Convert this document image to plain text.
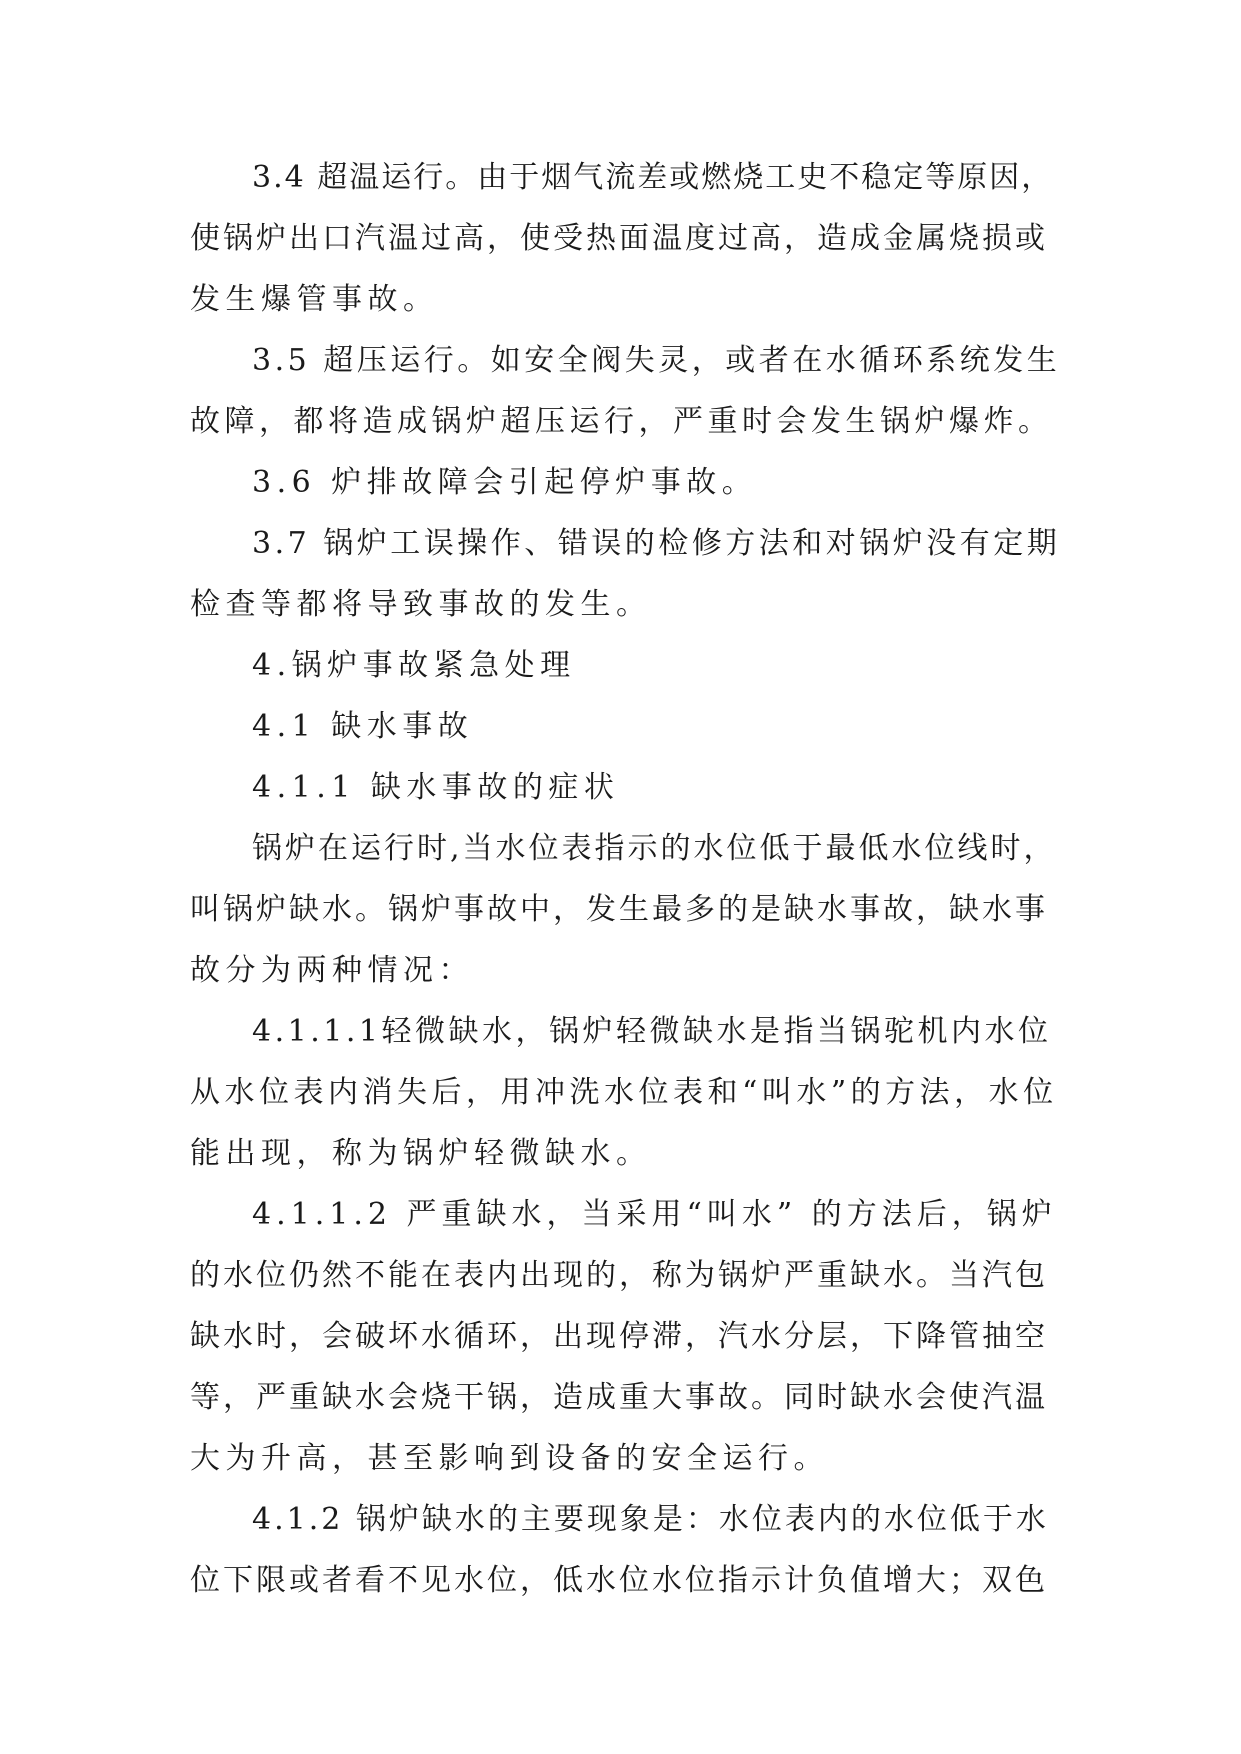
3.4 超温运行。由于烟气流差或燃烧工史不稳定等原因，
使锅炉出口汽温过高，使受热面温度过高，造成金属烧损或
发生爆管事故。
3.5 超压运行。如安全阀失灵，或者在水循环系统发生
故障，都将造成锅炉超压运行，严重时会发生锅炉爆炸。
3.6 炉排故障会引起停炉事故。
3.7 锅炉工误操作、错误的检修方法和对锅炉没有定期
检查等都将导致事故的发生。
4.锅炉事故紧急处理
4.1 缺水事故
4.1.1 缺水事故的症状
锅炉在运行时,当水位表指示的水位低于最低水位线时，
叫锅炉缺水。锅炉事故中，发生最多的是缺水事故，缺水事
故分为两种情况：
4.1.1.1轻微缺水，锅炉轻微缺水是指当锅驼机内水位
从水位表内消失后，用冲洗水位表和“叫水”的方法，水位
能出现，称为锅炉轻微缺水。
4.1.1.2 严重缺水，当采用“叫水” 的方法后，锅炉
的水位仍然不能在表内出现的，称为锅炉严重缺水。当汽包
缺水时，会破坏水循环，出现停滞，汽水分层，下降管抽空
等，严重缺水会烧干锅，造成重大事故。同时缺水会使汽温
大为升高，甚至影响到设备的安全运行。
4.1.2 锅炉缺水的主要现象是：水位表内的水位低于水
位下限或者看不见水位，低水位水位指示计负值增大；双色
